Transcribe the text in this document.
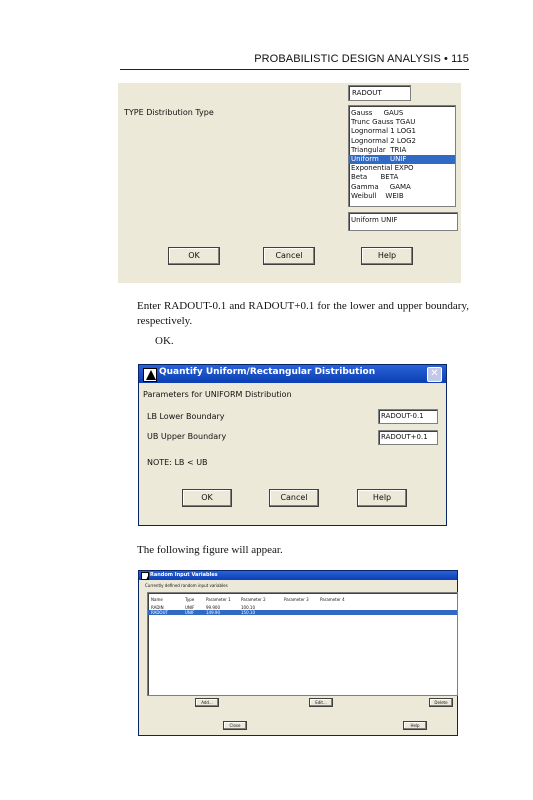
PROBABILISTIC DESIGN ANALYSIS • 115
RADOUT
TYPE Distribution Type	Gauss     GAUS
Trunc Gauss TGAU
Lognormal 1 LOG1
Lognormal 2 LOG2
Triangular  TRIA
Uniform     UNIF
Exponential EXPO
Beta      BETA
Gamma     GAMA
Weibull    WEIB
Uniform UNIF
OK	Cancel	Help
Enter RADOUT-0.1 and RADOUT+0.1 for the lower and upper boundary, respectively.
OK.
Quantify Uniform/Rectangular Distribution	✕
Parameters for UNIFORM Distribution
LB Lower Boundary	RADOUT-0.1
UB Upper Boundary	RADOUT+0.1
NOTE: LB < UB
OK	Cancel	Help
The following figure will appear.
Random Input Variables
Currently defined random input variables
Name	Type	Parameter 1	Parameter 2	Parameter 3	Parameter 4
RADIN	UNIF	99.900	100.10
RADOUT	UNIF	149.90	150.10
Add...	Edit...	Delete
Close	Help
